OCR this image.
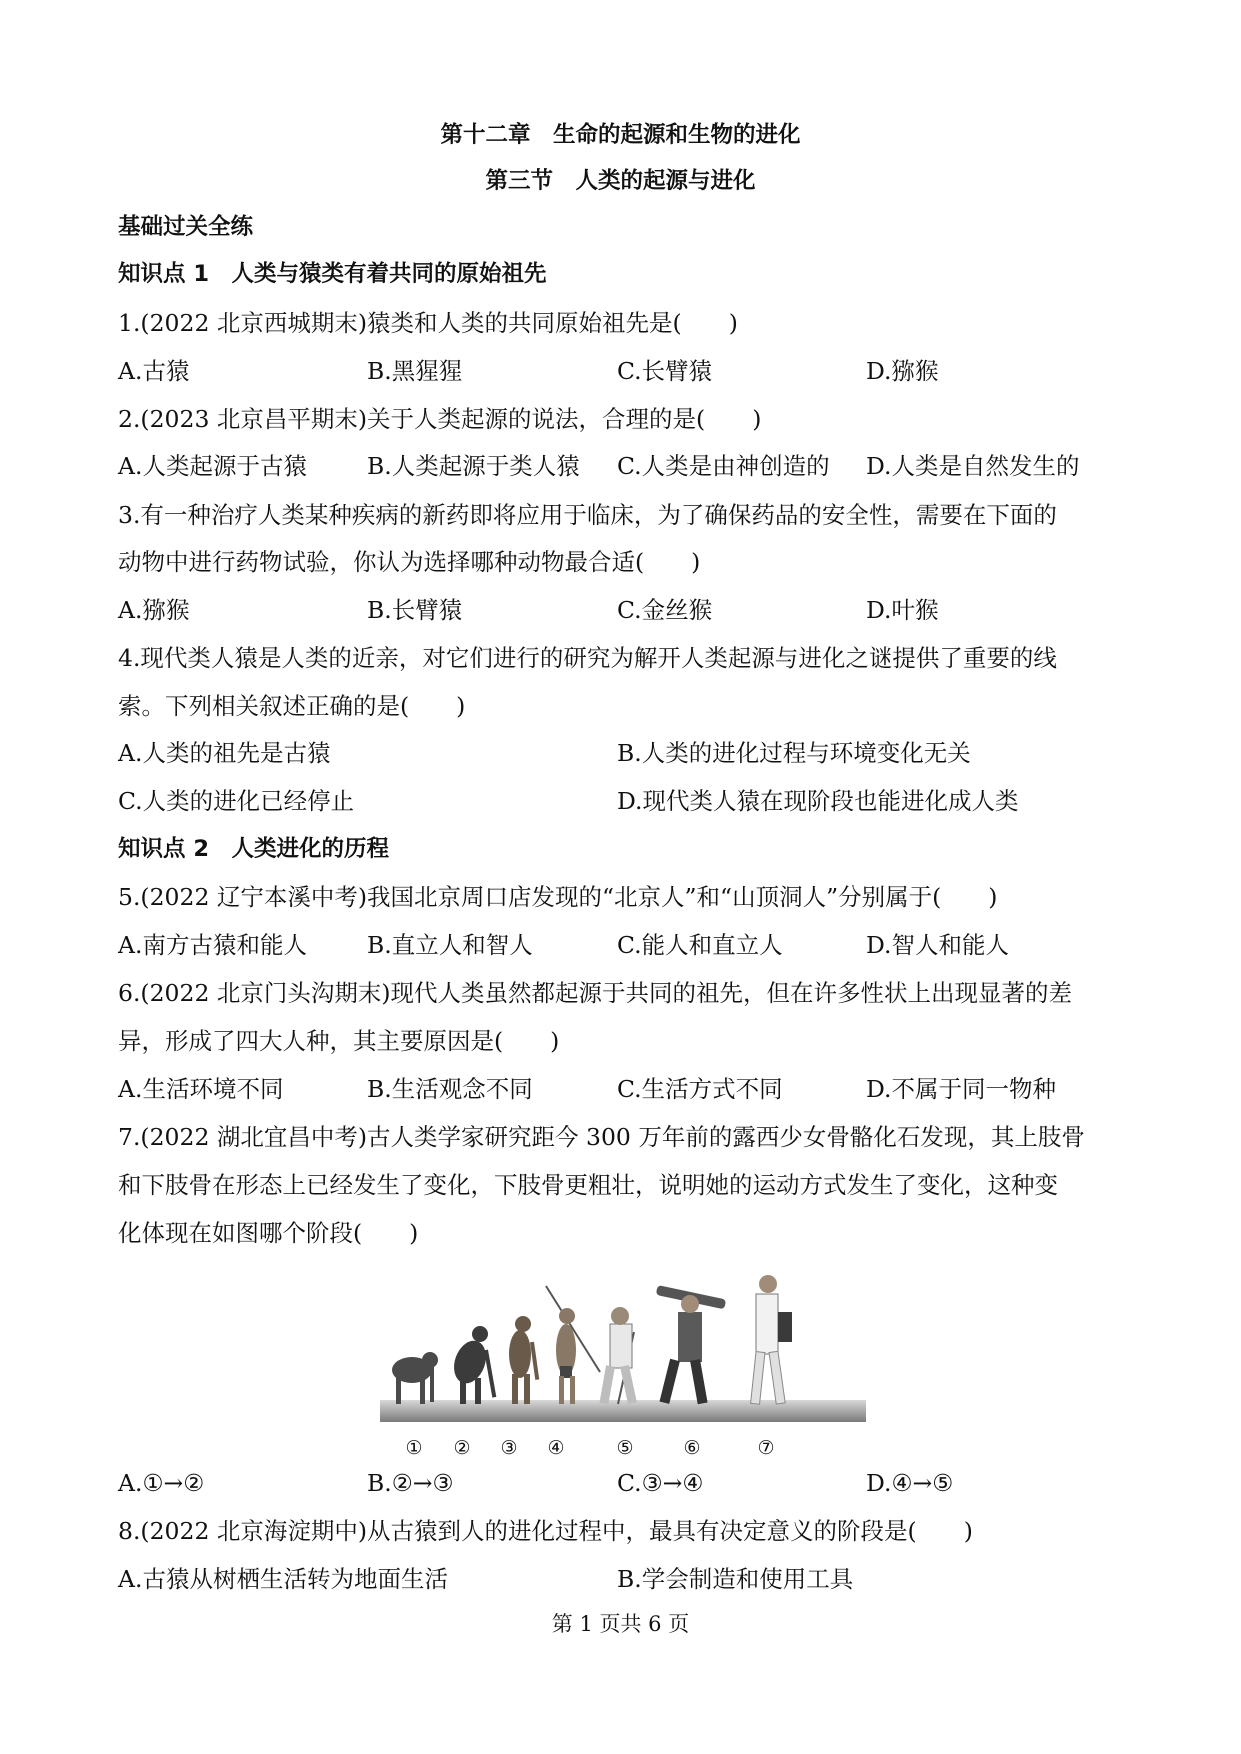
第十二章　生命的起源和生物的进化
第三节　人类的起源与进化
基础过关全练
知识点 1　人类与猿类有着共同的原始祖先
1.(2022 北京西城期末)猿类和人类的共同原始祖先是(　　)
A.古猿	B.黑猩猩	C.长臂猿	D.猕猴
2.(2023 北京昌平期末)关于人类起源的说法，合理的是(　　)
A.人类起源于古猿	B.人类起源于类人猿 C.人类是由神创造的 D.人类是自然发生的
3.有一种治疗人类某种疾病的新药即将应用于临床，为了确保药品的安全性，需要在下面的
动物中进行药物试验，你认为选择哪种动物最合适(　　)
A.猕猴	B.长臂猿	C.金丝猴	D.叶猴
4.现代类人猿是人类的近亲，对它们进行的研究为解开人类起源与进化之谜提供了重要的线
索。下列相关叙述正确的是(　　)
A.人类的祖先是古猿	B.人类的进化过程与环境变化无关
C.人类的进化已经停止	D.现代类人猿在现阶段也能进化成人类
知识点 2　人类进化的历程
5.(2022 辽宁本溪中考)我国北京周口店发现的“北京人”和“山顶洞人”分别属于(　　)
A.南方古猿和能人	B.直立人和智人	C.能人和直立人	D.智人和能人
6.(2022 北京门头沟期末)现代人类虽然都起源于共同的祖先，但在许多性状上出现显著的差
异，形成了四大人种，其主要原因是(　　)
A.生活环境不同	B.生活观念不同	C.生活方式不同	D.不属于同一物种
7.(2022 湖北宜昌中考)古人类学家研究距今 300 万年前的露西少女骨骼化石发现，其上肢骨
和下肢骨在形态上已经发生了变化，下肢骨更粗壮，说明她的运动方式发生了变化，这种变
化体现在如图哪个阶段(　　)
① ② ③ ④	⑤	⑥	⑦
A.①→②	B.②→③	C.③→④	D.④→⑤
8.(2022 北京海淀期中)从古猿到人的进化过程中，最具有决定意义的阶段是(　　)
A.古猿从树栖生活转为地面生活	B.学会制造和使用工具
第 1 页共 6 页
